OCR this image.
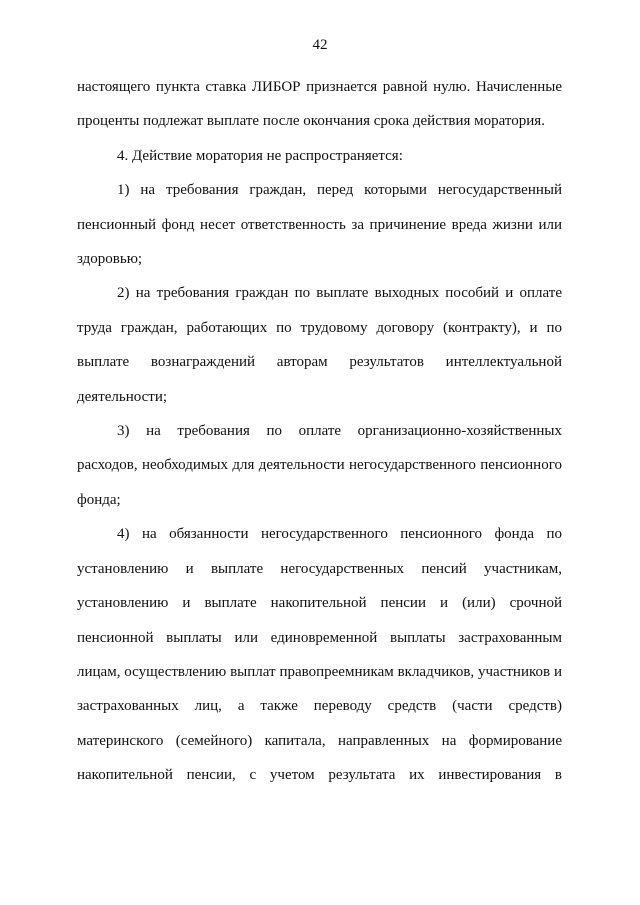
42

настоящего пункта ставка ЛИБОР признается равной нулю. Начисленные проценты подлежат выплате после окончания срока действия моратория.

4. Действие моратория не распространяется:

1) на требования граждан, перед которыми негосударственный пенсионный фонд несет ответственность за причинение вреда жизни или здоровью;

2) на требования граждан по выплате выходных пособий и оплате труда граждан, работающих по трудовому договору (контракту), и по выплате вознаграждений авторам результатов интеллектуальной деятельности;

3) на требования по оплате организационно-хозяйственных расходов, необходимых для деятельности негосударственного пенсионного фонда;

4) на обязанности негосударственного пенсионного фонда по установлению и выплате негосударственных пенсий участникам, установлению и выплате накопительной пенсии и (или) срочной пенсионной выплаты или единовременной выплаты застрахованным лицам, осуществлению выплат правопреемникам вкладчиков, участников и застрахованных лиц, а также переводу средств (части средств) материнского (семейного) капитала, направленных на формирование накопительной пенсии, с учетом результата их инвестирования в
